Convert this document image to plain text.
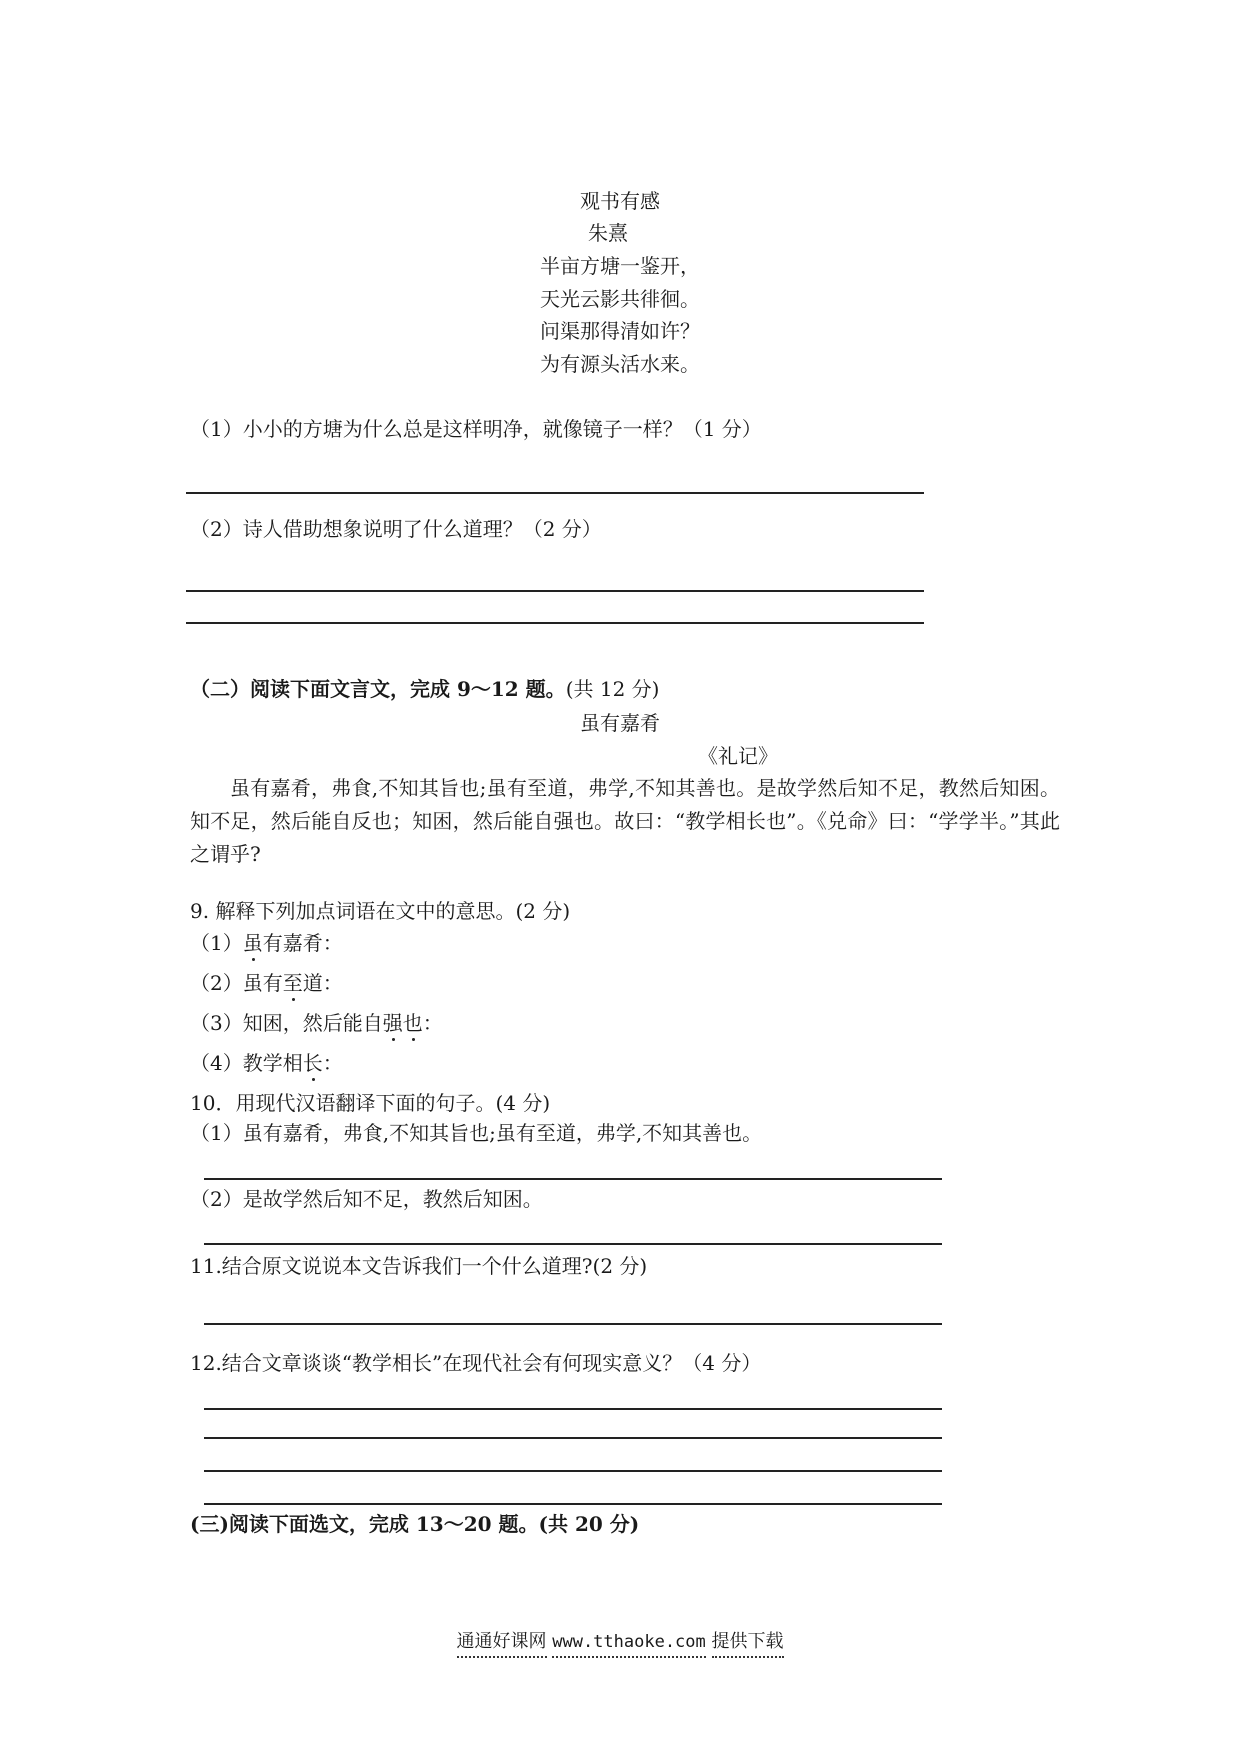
观书有感
朱熹
半亩方塘一鉴开，
天光云影共徘徊。
问渠那得清如许？
为有源头活水来。
（1）小小的方塘为什么总是这样明净，就像镜子一样？（1 分）
（2）诗人借助想象说明了什么道理？（2 分）
（二）阅读下面文言文，完成 9～12 题。(共 12 分)
虽有嘉肴
《礼记》
虽有嘉肴，弗食,不知其旨也;虽有至道，弗学,不知其善也。是故学然后知不足，教然后知困。知不足，然后能自反也；知困，然后能自强也。故曰：“教学相长也”。《兑命》曰：“学学半。”其此之谓乎?
9. 解释下列加点词语在文中的意思。(2 分)
（1）虽有嘉肴：
（2）虽有至道：
（3）知困，然后能自强也：
（4）教学相长：
10．用现代汉语翻译下面的句子。(4 分)
（1）虽有嘉肴，弗食,不知其旨也;虽有至道，弗学,不知其善也。
（2）是故学然后知不足，教然后知困。
11.结合原文说说本文告诉我们一个什么道理?(2 分)
12.结合文章谈谈“教学相长”在现代社会有何现实意义？（4 分）
(三)阅读下面选文，完成 13～20 题。(共 20 分)
通通好课网 www.tthaoke.com 提供下载
